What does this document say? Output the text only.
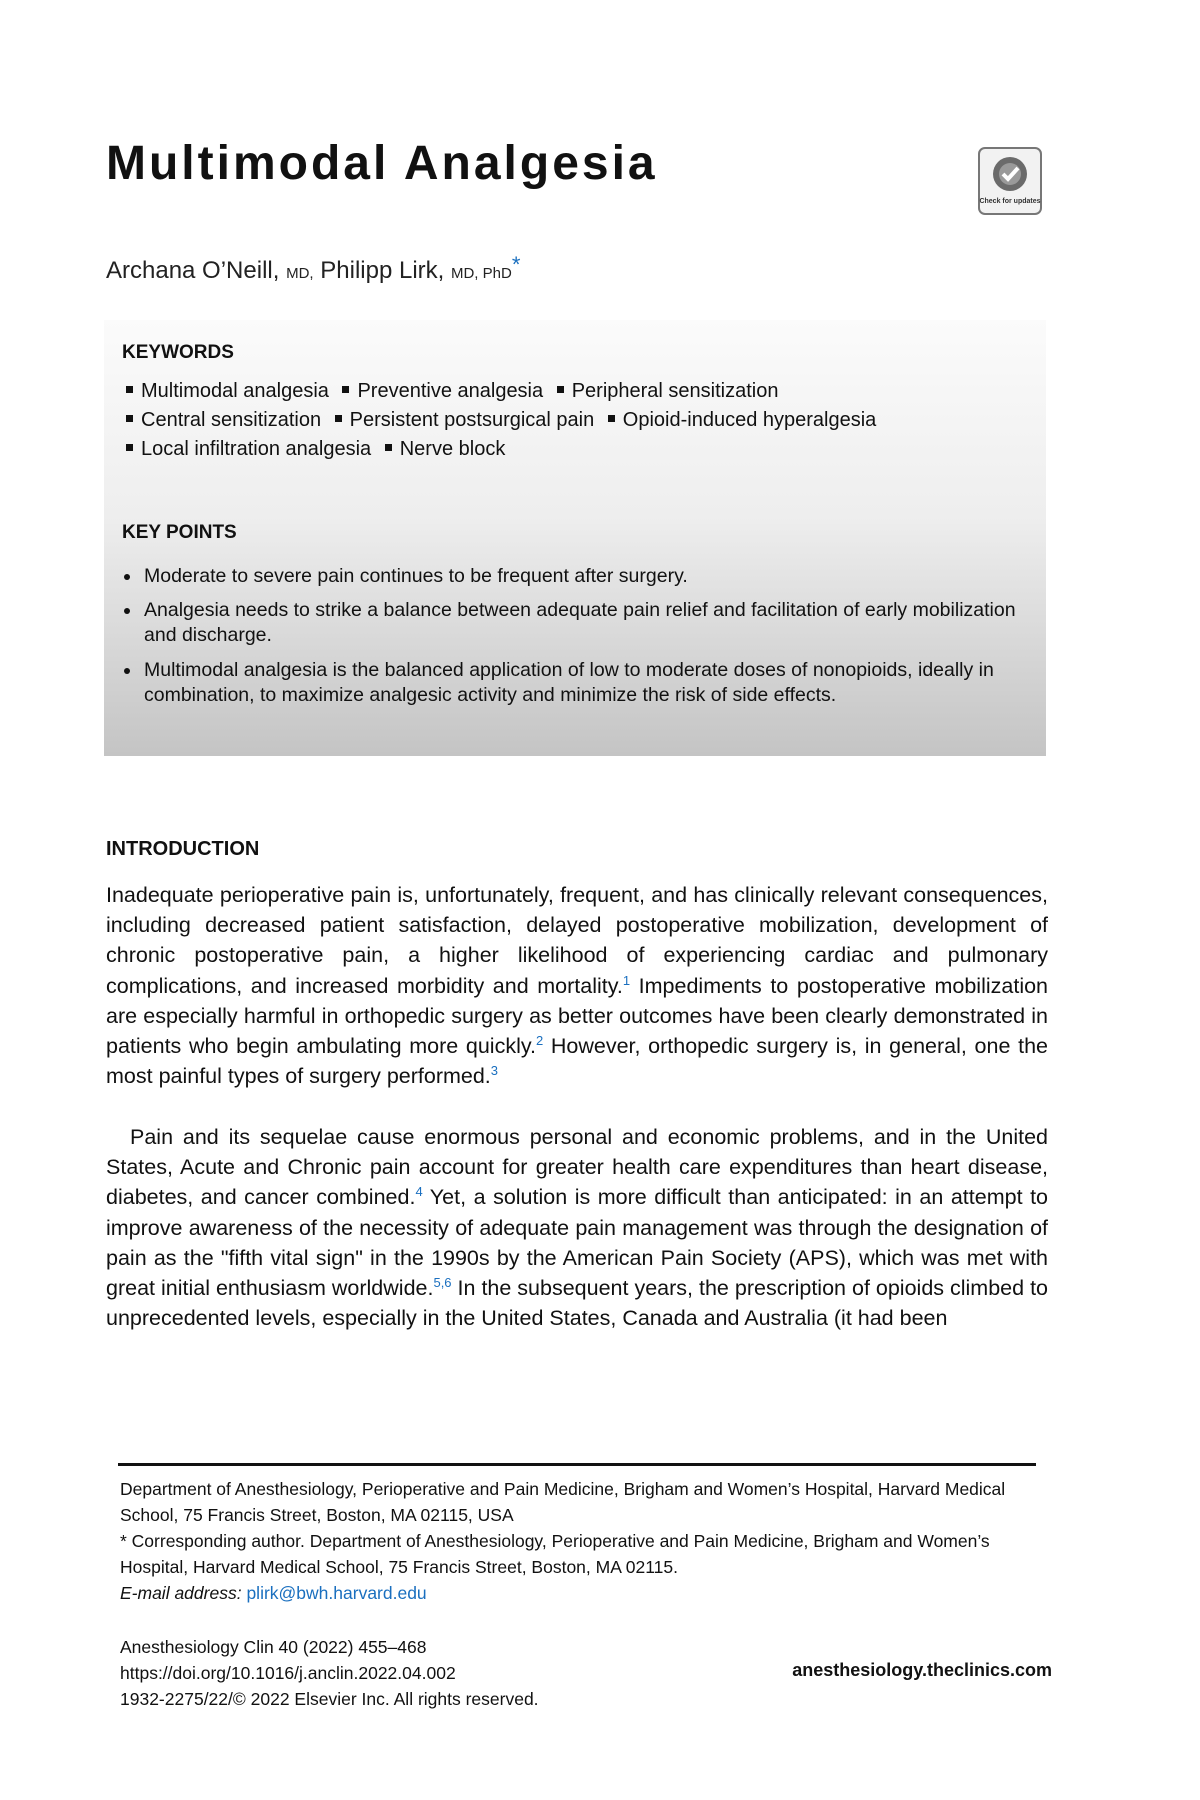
Multimodal Analgesia
Check for updates
Archana O’Neill, MD, Philipp Lirk, MD, PhD*
KEYWORDS
Multimodal analgesia Preventive analgesia Peripheral sensitization
Central sensitization Persistent postsurgical pain Opioid-induced hyperalgesia
Local infiltration analgesia Nerve block
KEY POINTS
Moderate to severe pain continues to be frequent after surgery.
Analgesia needs to strike a balance between adequate pain relief and facilitation of early mobilization and discharge.
Multimodal analgesia is the balanced application of low to moderate doses of nonopioids, ideally in combination, to maximize analgesic activity and minimize the risk of side effects.
INTRODUCTION

Inadequate perioperative pain is, unfortunately, frequent, and has clinically relevant consequences, including decreased patient satisfaction, delayed postoperative mobilization, development of chronic postoperative pain, a higher likelihood of experiencing cardiac and pulmonary complications, and increased morbidity and mortality.$^1$ Impediments to postoperative mobilization are especially harmful in orthopedic surgery as better outcomes have been clearly demonstrated in patients who begin ambulating more quickly.$^2$ However, orthopedic surgery is, in general, one the most painful types of surgery performed.$^3$

Pain and its sequelae cause enormous personal and economic problems, and in the United States, Acute and Chronic pain account for greater health care expenditures than heart disease, diabetes, and cancer combined.$^4$ Yet, a solution is more difficult than anticipated: in an attempt to improve awareness of the necessity of adequate pain management was through the designation of pain as the "fifth vital sign" in the 1990s by the American Pain Society (APS), which was met with great initial enthusiasm worldwide.$^{5,6}$ In the subsequent years, the prescription of opioids climbed to unprecedented levels, especially in the United States, Canada and Australia (it had been

Department of Anesthesiology, Perioperative and Pain Medicine, Brigham and Women’s Hospital, Harvard Medical School, 75 Francis Street, Boston, MA 02115, USA

* Corresponding author. Department of Anesthesiology, Perioperative and Pain Medicine, Brigham and Women’s Hospital, Harvard Medical School, 75 Francis Street, Boston, MA 02115.

E-mail address: plirk@bwh.harvard.edu

Anesthesiology Clin 40 (2022) 455–468
https://doi.org/10.1016/j.anclin.2022.04.002
1932-2275/22/© 2022 Elsevier Inc. All rights reserved.
anesthesiology.theclinics.com
